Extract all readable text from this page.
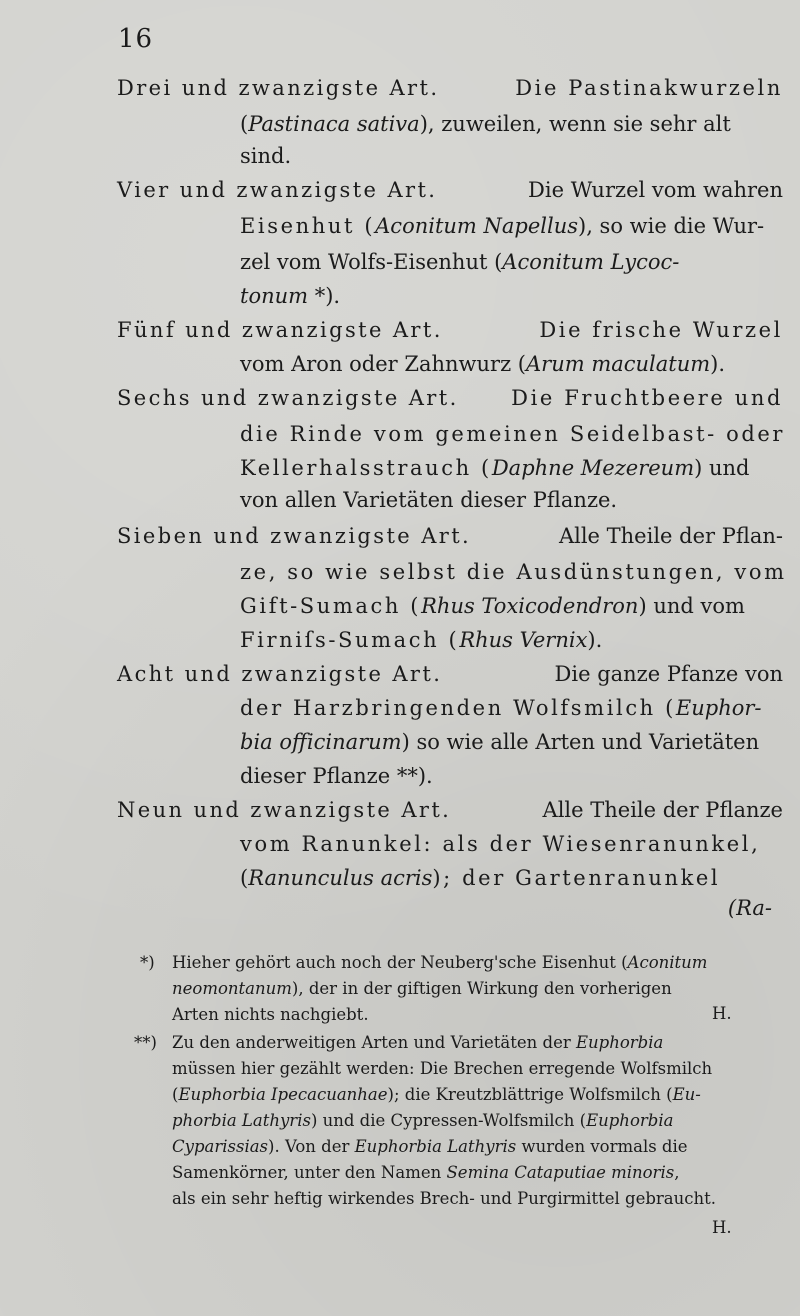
16
Drei und zwanzigste Art.	Die Pastinakwurzeln
(Pastinaca sativa), zuweilen, wenn sie sehr alt
sind.
Vier und zwanzigste Art.	Die Wurzel vom wahren
Eisenhut (Aconitum Napellus), so wie die Wur-
zel vom Wolfs-Eisenhut (Aconitum Lycoc-
tonum *).
Fünf und zwanzigste Art.	Die frische Wurzel
vom Aron oder Zahnwurz (Arum maculatum).
Sechs und zwanzigste Art. Die Fruchtbeere und
die Rinde vom gemeinen Seidelbast- oder
Kellerhalsstrauch (Daphne Mezereum) und
von allen Varietäten dieser Pflanze.
Sieben und zwanzigste Art.	Alle Theile der Pflan-
ze, so wie selbst die Ausdünstungen, vom
Gift-Sumach (Rhus Toxicodendron) und vom
Firniſs-Sumach (Rhus Vernix).
Acht und zwanzigste Art.	Die ganze Pfanze von
der Harzbringenden Wolfsmilch (Euphor-
bia officinarum) so wie alle Arten und Varietäten
dieser Pflanze **).
Neun und zwanzigste Art.	Alle Theile der Pflanze
vom Ranunkel: als der Wiesenranunkel,
(Ranunculus acris); der Gartenranunkel
(Ra-
*) Hieher gehört auch noch der Neuberg'sche Eisenhut (Aconitum
neomontanum), der in der giftigen Wirkung den vorherigen
Arten nichts nachgiebt.	H.
**) Zu den anderweitigen Arten und Varietäten der Euphorbia
müssen hier gezählt werden: Die Brechen erregende Wolfsmilch
(Euphorbia Ipecacuanhae); die Kreutzblättrige Wolfsmilch (Eu-
phorbia Lathyris) und die Cypressen-Wolfsmilch (Euphorbia
Cyparissias). Von der Euphorbia Lathyris wurden vormals die
Samenkörner, unter den Namen Semina Cataputiae minoris,
als ein sehr heftig wirkendes Brech- und Purgirmittel gebraucht.
H.
